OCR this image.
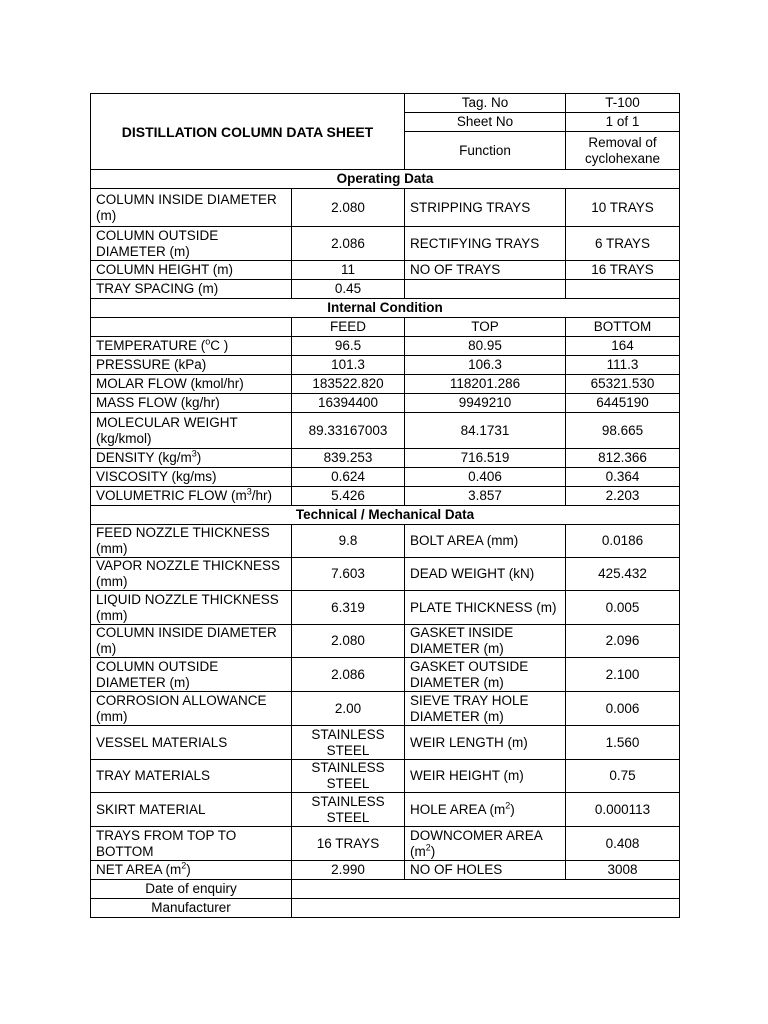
DISTILLATION COLUMN DATA SHEET		Tag. No	T-100
		Sheet No	1 of 1
		Function	Removal of cyclohexane
Operating Data			
COLUMN INSIDE DIAMETER (m)	2.080	STRIPPING TRAYS	10 TRAYS
COLUMN OUTSIDE DIAMETER (m)	2.086	RECTIFYING TRAYS	6 TRAYS
COLUMN HEIGHT (m)	11	NO OF TRAYS	16 TRAYS
TRAY SPACING (m)	0.45		
Internal Condition			
	FEED	TOP	BOTTOM
TEMPERATURE ($^o$C )	96.5	80.95	164
PRESSURE (kPa)	101.3	106.3	111.3
MOLAR FLOW (kmol/hr)	183522.820	118201.286	65321.530
MASS FLOW (kg/hr)	16394400	9949210	6445190
MOLECULAR WEIGHT (kg/kmol)	89.33167003	84.1731	98.665
DENSITY $(kg/m^3)$	839.253	716.519	812.366
VISCOSITY (kg/ms)	0.624	0.406	0.364
VOLUMETRIC FLOW $(m^3/hr)$	5.426	3.857	2.203
Technical / Mechanical Data			
FEED NOZZLE THICKNESS (mm)	9.8	BOLT AREA (mm)	0.0186
VAPOR NOZZLE THICKNESS (mm)	7.603	DEAD WEIGHT (kN)	425.432
LIQUID NOZZLE THICKNESS (mm)	6.319	PLATE THICKNESS (m)	0.005
COLUMN INSIDE DIAMETER (m)	2.080	GASKET INSIDE DIAMETER (m)	2.096
COLUMN OUTSIDE DIAMETER (m)	2.086	GASKET OUTSIDE DIAMETER (m)	2.100
CORROSION ALLOWANCE (mm)	2.00	SIEVE TRAY HOLE DIAMETER (m)	0.006
VESSEL MATERIALS	STAINLESS STEEL	WEIR LENGTH (m)	1.560
TRAY MATERIALS	STAINLESS STEEL	WEIR HEIGHT (m)	0.75
SKIRT MATERIAL	STAINLESS STEEL	HOLE AREA $(m^2)$	0.000113
TRAYS FROM TOP TO BOTTOM	16 TRAYS	DOWNCOMER AREA $(m^2)$	0.408
NET AREA $(m^2)$	2.990	NO OF HOLES	3008
Date of enquiry			
Manufacturer			
